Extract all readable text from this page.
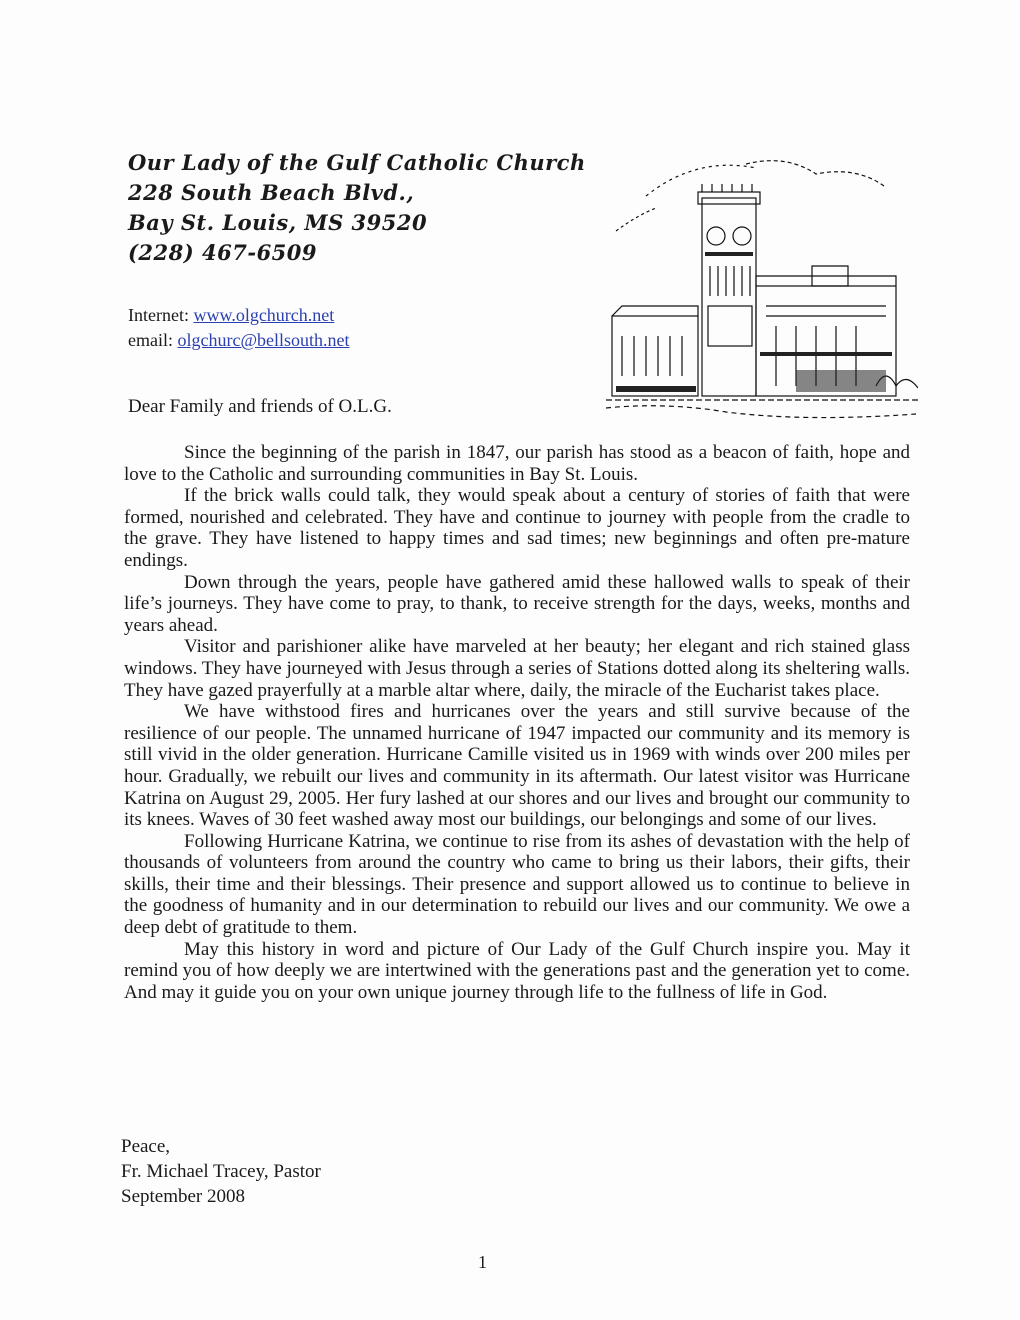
Our Lady of the Gulf Catholic Church
228 South Beach Blvd.,
Bay St. Louis, MS 39520
(228) 467-6509
Internet: www.olgchurch.net
email: olgchurc@bellsouth.net
Dear Family and friends of O.L.G.

Since the beginning of the parish in 1847, our parish has stood as a beacon of faith, hope and love to the Catholic and surrounding communities in Bay St. Louis.

If the brick walls could talk, they would speak about a century of stories of faith that were formed, nourished and celebrated. They have and continue to journey with people from the cradle to the grave. They have listened to happy times and sad times; new beginnings and often pre-mature endings.

Down through the years, people have gathered amid these hallowed walls to speak of their life’s journeys. They have come to pray, to thank, to receive strength for the days, weeks, months and years ahead.

Visitor and parishioner alike have marveled at her beauty; her elegant and rich stained glass windows. They have journeyed with Jesus through a series of Stations dotted along its sheltering walls. They have gazed prayerfully at a marble altar where, daily, the miracle of the Eucharist takes place.

We have withstood fires and hurricanes over the years and still survive because of the resilience of our people. The unnamed hurricane of 1947 impacted our community and its memory is still vivid in the older generation. Hurricane Camille visited us in 1969 with winds over 200 miles per hour. Gradually, we rebuilt our lives and community in its aftermath. Our latest visitor was Hurricane Katrina on August 29, 2005. Her fury lashed at our shores and our lives and brought our community to its knees. Waves of 30 feet washed away most our buildings, our belongings and some of our lives.

Following Hurricane Katrina, we continue to rise from its ashes of devastation with the help of thousands of volunteers from around the country who came to bring us their labors, their gifts, their skills, their time and their blessings. Their presence and support allowed us to continue to believe in the goodness of humanity and in our determination to rebuild our lives and our community. We owe a deep debt of gratitude to them.

May this history in word and picture of Our Lady of the Gulf Church inspire you. May it remind you of how deeply we are intertwined with the generations past and the generation yet to come. And may it guide you on your own unique journey through life to the fullness of life in God.

Peace,
Fr. Michael Tracey, Pastor
September 2008
1
